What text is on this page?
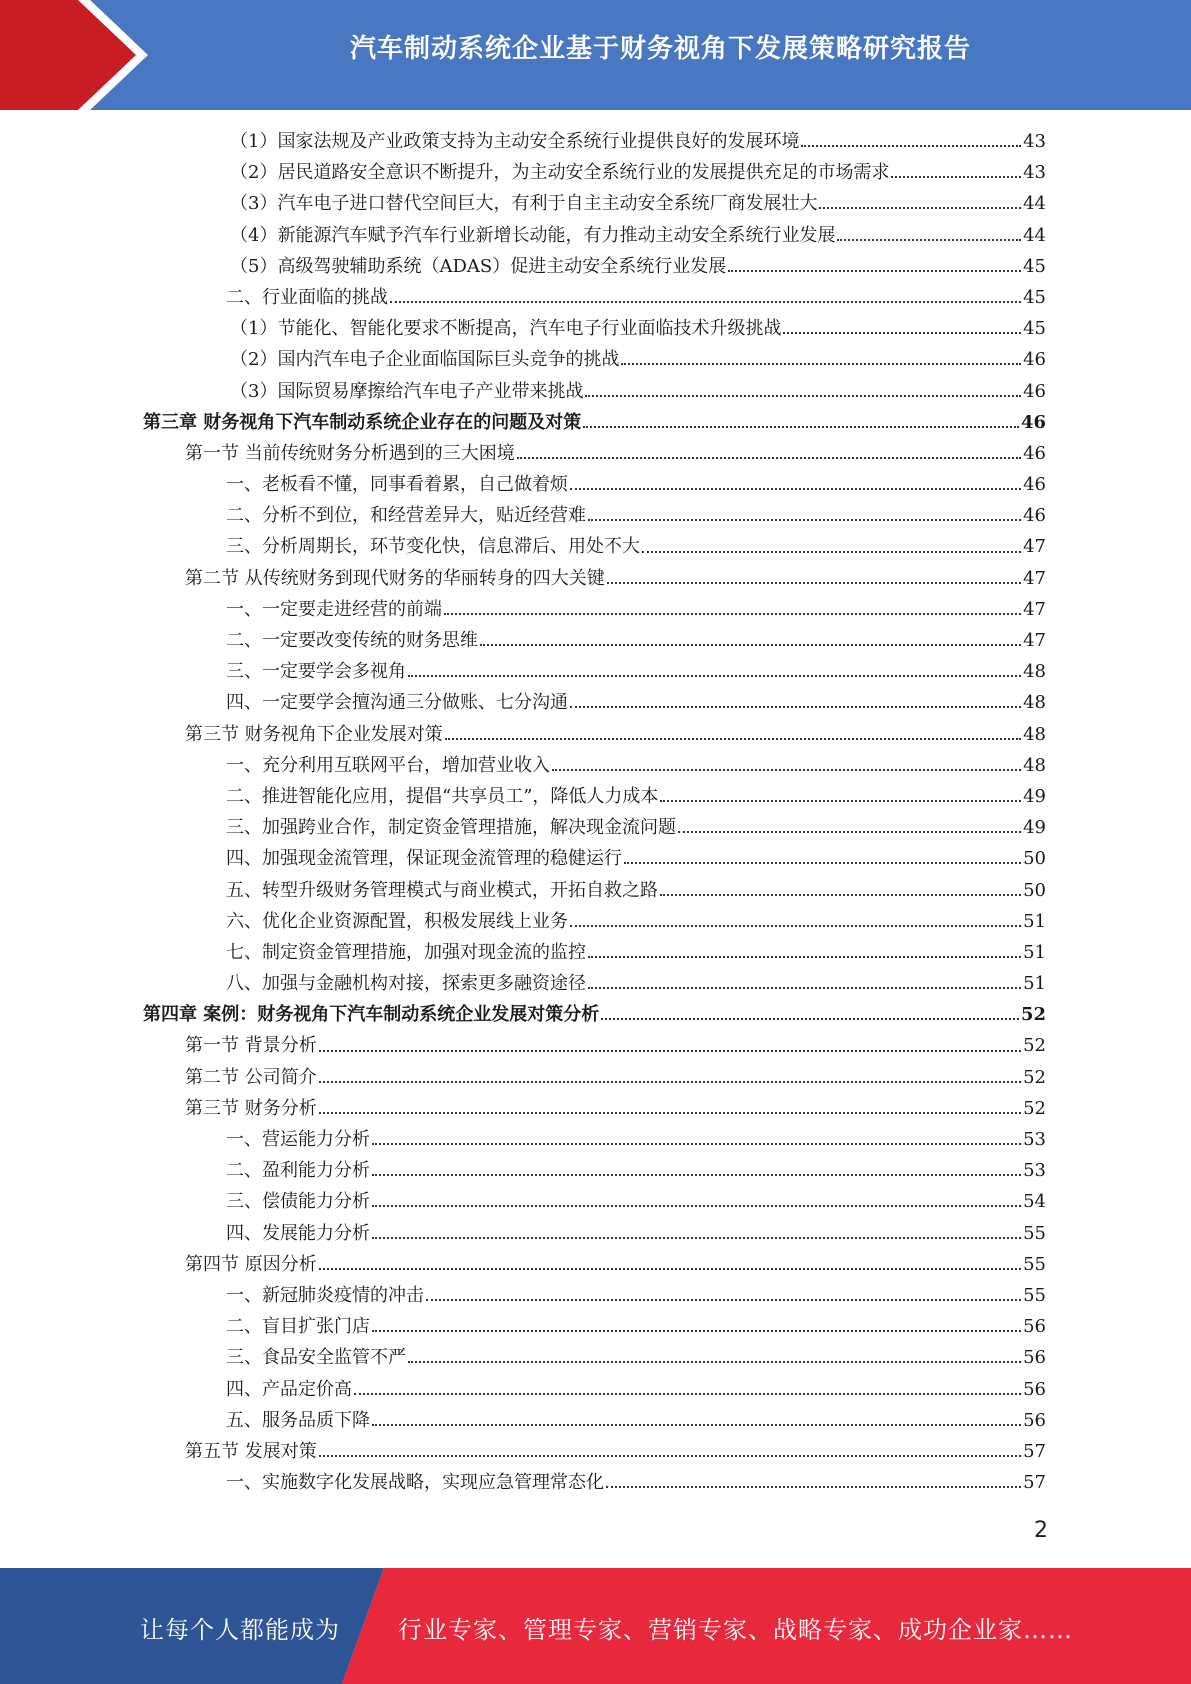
汽车制动系统企业基于财务视角下发展策略研究报告
（1）国家法规及产业政策支持为主动安全系统行业提供良好的发展环境	43
（2）居民道路安全意识不断提升，为主动安全系统行业的发展提供充足的市场需求	43
（3）汽车电子进口替代空间巨大，有利于自主主动安全系统厂商发展壮大	44
（4）新能源汽车赋予汽车行业新增长动能，有力推动主动安全系统行业发展	44
（5）高级驾驶辅助系统（ADAS）促进主动安全系统行业发展	45
二、行业面临的挑战	45
（1）节能化、智能化要求不断提高，汽车电子行业面临技术升级挑战	45
（2）国内汽车电子企业面临国际巨头竞争的挑战	46
（3）国际贸易摩擦给汽车电子产业带来挑战	46
第三章 财务视角下汽车制动系统企业存在的问题及对策	46
第一节 当前传统财务分析遇到的三大困境	46
一、老板看不懂，同事看着累，自己做着烦	46
二、分析不到位，和经营差异大，贴近经营难	46
三、分析周期长，环节变化快，信息滞后、用处不大	47
第二节 从传统财务到现代财务的华丽转身的四大关键	47
一、一定要走进经营的前端	47
二、一定要改变传统的财务思维	47
三、一定要学会多视角	48
四、一定要学会擅沟通三分做账、七分沟通	48
第三节 财务视角下企业发展对策	48
一、充分利用互联网平台，增加营业收入	48
二、推进智能化应用，提倡“共享员工”，降低人力成本	49
三、加强跨业合作，制定资金管理措施，解决现金流问题	49
四、加强现金流管理，保证现金流管理的稳健运行	50
五、转型升级财务管理模式与商业模式，开拓自救之路	50
六、优化企业资源配置，积极发展线上业务	51
七、制定资金管理措施，加强对现金流的监控	51
八、加强与金融机构对接，探索更多融资途径	51
第四章 案例：财务视角下汽车制动系统企业发展对策分析	52
第一节 背景分析	52
第二节 公司简介	52
第三节 财务分析	52
一、营运能力分析	53
二、盈利能力分析	53
三、偿债能力分析	54
四、发展能力分析	55
第四节 原因分析	55
一、新冠肺炎疫情的冲击	55
二、盲目扩张门店	56
三、食品安全监管不严	56
四、产品定价高	56
五、服务品质下降	56
第五节 发展对策	57
一、实施数字化发展战略，实现应急管理常态化	57
2
让每个人都能成为 行业专家、管理专家、营销专家、战略专家、成功企业家……
